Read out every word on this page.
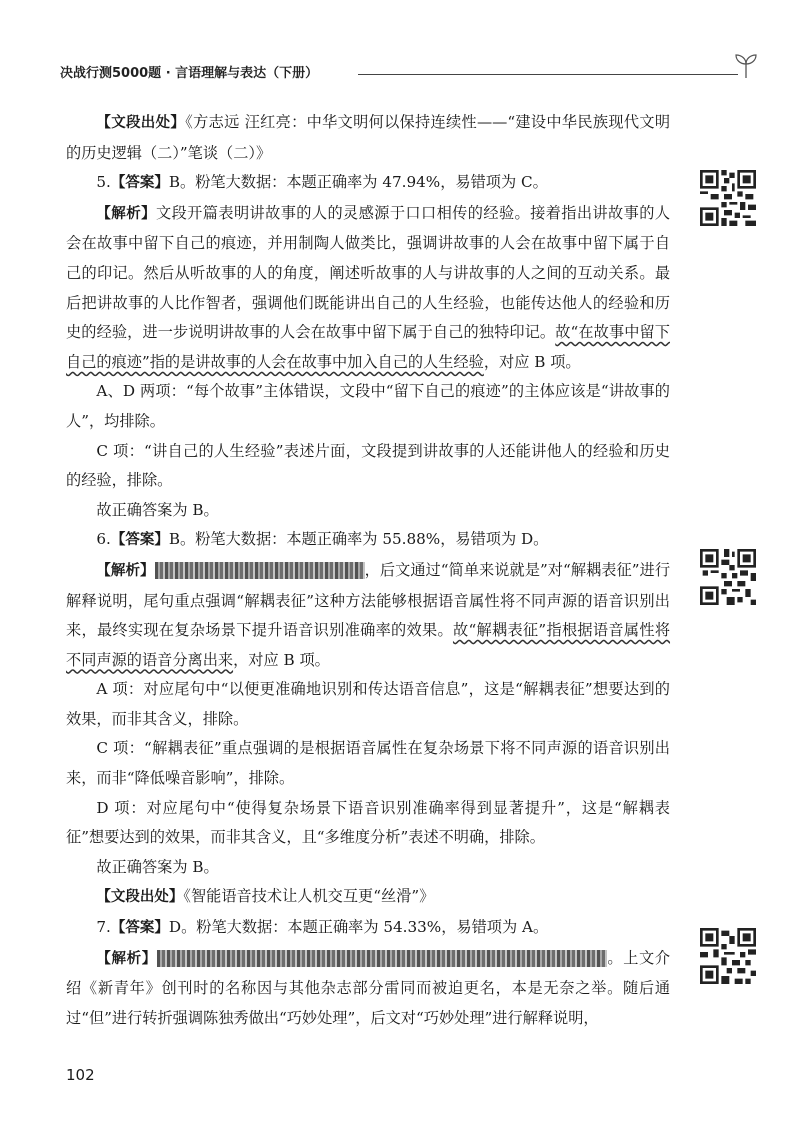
决战行测5000题 · 言语理解与表达（下册）

【文段出处】《方志远 汪红亮：中华文明何以保持连续性——“建设中华民族现代文明的历史逻辑（二）”笔谈（二）》

5.【答案】B。粉笔大数据：本题正确率为 47.94%，易错项为 C。

【解析】文段开篇表明讲故事的人的灵感源于口口相传的经验。接着指出讲故事的人会在故事中留下自己的痕迹，并用制陶人做类比，强调讲故事的人会在故事中留下属于自己的印记。然后从听故事的人的角度，阐述听故事的人与讲故事的人之间的互动关系。最后把讲故事的人比作智者，强调他们既能讲出自己的人生经验，也能传达他人的经验和历史的经验，进一步说明讲故事的人会在故事中留下属于自己的独特印记。故“在故事中留下自己的痕迹”指的是讲故事的人会在故事中加入自己的人生经验，对应 B 项。

A、D 两项：“每个故事”主体错误，文段中“留下自己的痕迹”的主体应该是“讲故事的人”，均排除。

C 项：“讲自己的人生经验”表述片面，文段提到讲故事的人还能讲他人的经验和历史的经验，排除。

故正确答案为 B。

6.【答案】B。粉笔大数据：本题正确率为 55.88%，易错项为 D。

【解析】	，后文通过“简单来说就是”对“解耦表征”进行解释说明，尾句重点强调“解耦表征”这种方法能够根据语音属性将不同声源的语音识别出来，最终实现在复杂场景下提升语音识别准确率的效果。故“解耦表征”指根据语音属性将不同声源的语音分离出来，对应 B 项。

A 项：对应尾句中“以便更准确地识别和传达语音信息”，这是“解耦表征”想要达到的效果，而非其含义，排除。

C 项：“解耦表征”重点强调的是根据语音属性在复杂场景下将不同声源的语音识别出来，而非“降低噪音影响”，排除。

D 项：对应尾句中“使得复杂场景下语音识别准确率得到显著提升”，这是“解耦表征”想要达到的效果，而非其含义，且“多维度分析”表述不明确，排除。

故正确答案为 B。

【文段出处】《智能语音技术让人机交互更“丝滑”》

7.【答案】D。粉笔大数据：本题正确率为 54.33%，易错项为 A。

【解析】	。上文介绍《新青年》创刊时的名称因与其他杂志部分雷同而被迫更名，本是无奈之举。随后通过“但”进行转折强调陈独秀做出“巧妙处理”，后文对“巧妙处理”进行解释说明，

102
